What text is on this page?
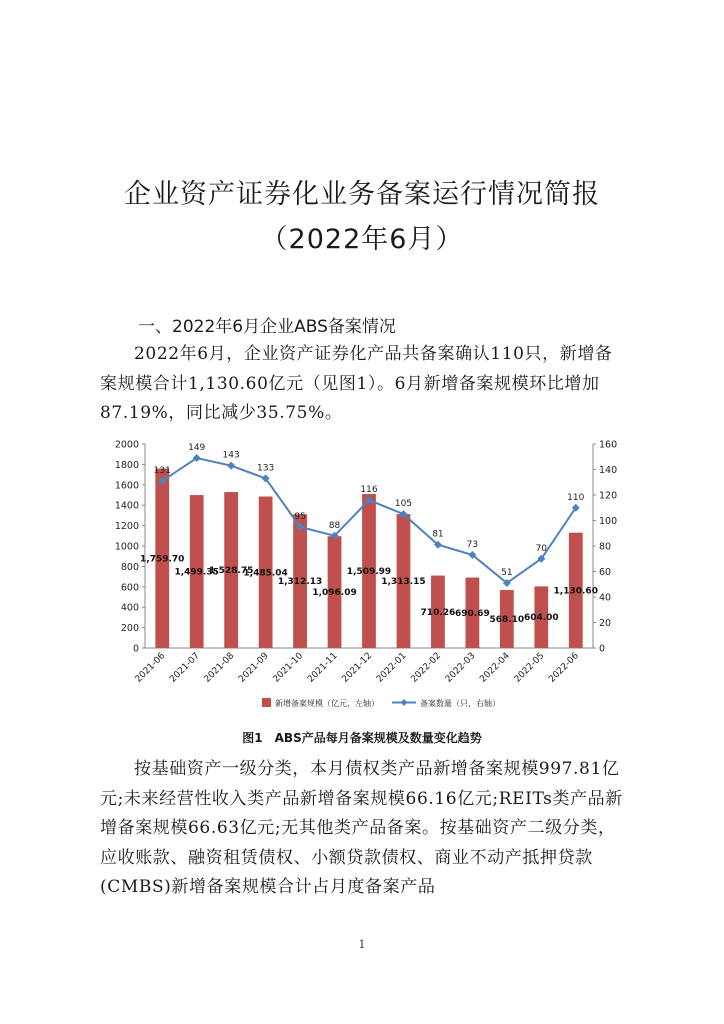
企业资产证券化业务备案运行情况简报
（2022年6月）
一、2022年6月企业ABS备案情况

2022年6月，企业资产证券化产品共备案确认110只，新增备案规模合计1,130.60亿元（见图1）。6月新增备案规模环比增加87.19%，同比减少35.75%。

0
200
400
600
800
1000
1200
1400
1600
1800
2000
0
20
40
60
80
100
120
140
160
2021-06 2021-07 2021-08 2021-09 2021-10 2021-11 2021-12 2022-01 2022-02 2022-03 2022-04 2022-05 2022-06
131
149
143
133
95
88
116
105
81
73
51
70
110
1,759.70
1,499.35
1,528.75
1,485.04
1,312.13
1,096.09
1,509.99
1,313.15
710.26 690.69
568.10 604.00
1,130.60
新增备案规模（亿元，左轴）	备案数量（只，右轴）
图1　ABS产品每月备案规模及数量变化趋势

按基础资产一级分类，本月债权类产品新增备案规模997.81亿元;未来经营性收入类产品新增备案规模66.16亿元;REITs类产品新增备案规模66.63亿元;无其他类产品备案。按基础资产二级分类，应收账款、融资租赁债权、小额贷款债权、商业不动产抵押贷款(CMBS)新增备案规模合计占月度备案产品

1
